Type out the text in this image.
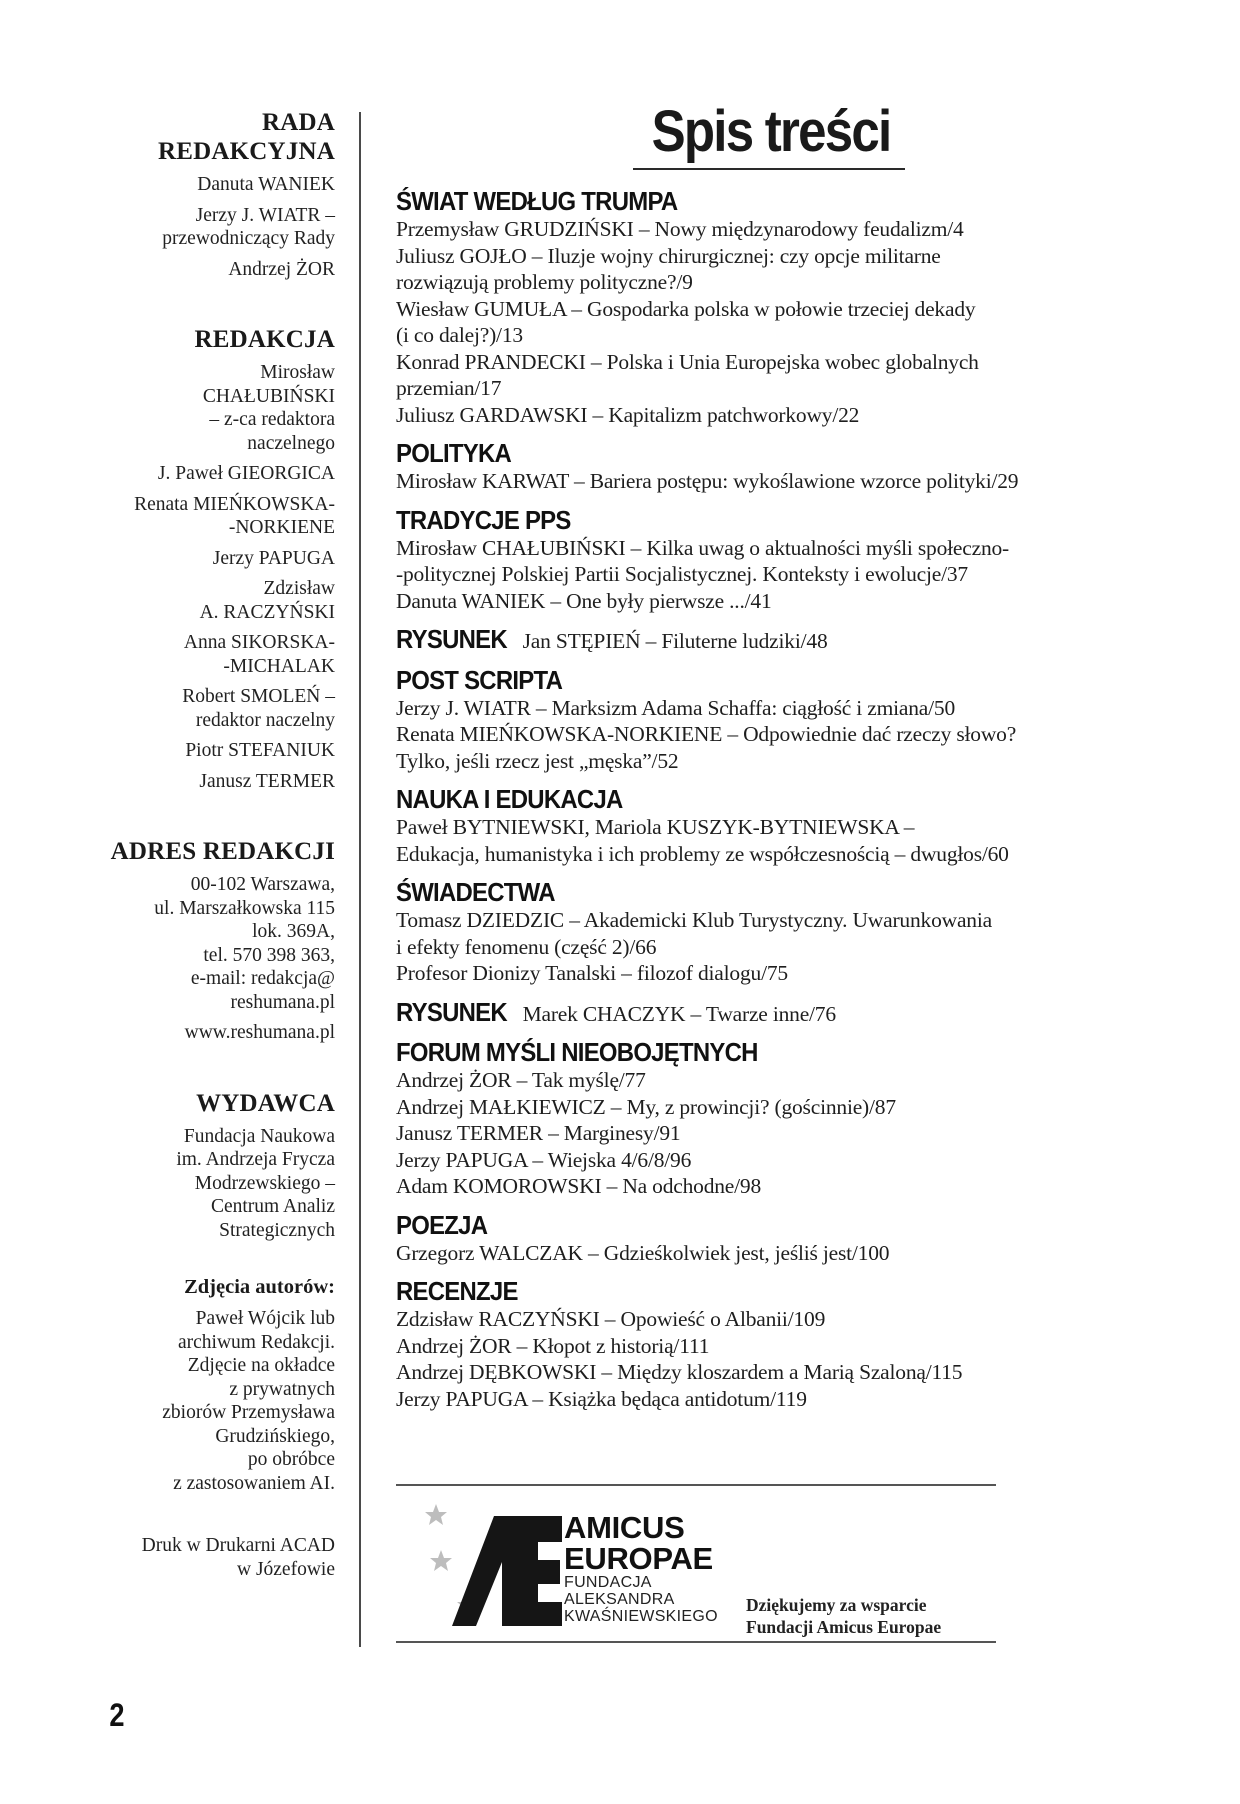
RADA
REDAKCYJNA
Danuta WANIEK
Jerzy J. WIATR –
przewodniczący Rady
Andrzej ŻOR
REDAKCJA
Mirosław
CHAŁUBIŃSKI
– z-ca redaktora
naczelnego
J. Paweł GIEORGICA
Renata MIEŃKOWSKA-
-NORKIENE
Jerzy PAPUGA
Zdzisław
A. RACZYŃSKI
Anna SIKORSKA-
-MICHALAK
Robert SMOLEŃ –
redaktor naczelny
Piotr STEFANIUK
Janusz TERMER
ADRES REDAKCJI
00-102 Warszawa,
ul. Marszałkowska 115
lok. 369A,
tel. 570 398 363,
e-mail: redakcja@
reshumana.pl
www.reshumana.pl
WYDAWCA
Fundacja Naukowa
im. Andrzeja Frycza
Modrzewskiego –
Centrum Analiz
Strategicznych
Zdjęcia autorów:
Paweł Wójcik lub
archiwum Redakcji.
Zdjęcie na okładce
z prywatnych
zbiorów Przemysława
Grudzińskiego,
po obróbce
z zastosowaniem AI.
Druk w Drukarni ACAD
w Józefowie
Spis treści
ŚWIAT WEDŁUG TRUMPA
Przemysław GRUDZIŃSKI – Nowy międzynarodowy feudalizm/4
Juliusz GOJŁO – Iluzje wojny chirurgicznej: czy opcje militarne
rozwiązują problemy polityczne?/9
Wiesław GUMUŁA – Gospodarka polska w połowie trzeciej dekady
(i co dalej?)/13
Konrad PRANDECKI – Polska i Unia Europejska wobec globalnych
przemian/17
Juliusz GARDAWSKI – Kapitalizm patchworkowy/22
POLITYKA
Mirosław KARWAT – Bariera postępu: wykoślawione wzorce polityki/29
TRADYCJE PPS
Mirosław CHAŁUBIŃSKI – Kilka uwag o aktualności myśli społeczno-
-politycznej Polskiej Partii Socjalistycznej. Konteksty i ewolucje/37
Danuta WANIEK – One były pierwsze .../41
RYSUNEK Jan STĘPIEŃ – Filuterne ludziki/48
POST SCRIPTA
Jerzy J. WIATR – Marksizm Adama Schaffa: ciągłość i zmiana/50
Renata MIEŃKOWSKA-NORKIENE – Odpowiednie dać rzeczy słowo?
Tylko, jeśli rzecz jest „męska”/52
NAUKA I EDUKACJA
Paweł BYTNIEWSKI, Mariola KUSZYK-BYTNIEWSKA –
Edukacja, humanistyka i ich problemy ze współczesnością – dwugłos/60
ŚWIADECTWA
Tomasz DZIEDZIC – Akademicki Klub Turystyczny. Uwarunkowania
i efekty fenomenu (część 2)/66
Profesor Dionizy Tanalski – filozof dialogu/75
RYSUNEK Marek CHACZYK – Twarze inne/76
FORUM MYŚLI NIEOBOJĘTNYCH
Andrzej ŻOR – Tak myślę/77
Andrzej MAŁKIEWICZ – My, z prowincji? (gościnnie)/87
Janusz TERMER – Marginesy/91
Jerzy PAPUGA – Wiejska 4/6/8/96
Adam KOMOROWSKI – Na odchodne/98
POEZJA
Grzegorz WALCZAK – Gdzieśkolwiek jest, jeśliś jest/100
RECENZJE
Zdzisław RACZYŃSKI – Opowieść o Albanii/109
Andrzej ŻOR – Kłopot z historią/111
Andrzej DĘBKOWSKI – Między kloszardem a Marią Szaloną/115
Jerzy PAPUGA – Książka będąca antidotum/119
AMICUS
EUROPAE
FUNDACJA
ALEKSANDRA
KWAŚNIEWSKIEGO
Dziękujemy za wsparcie
Fundacji Amicus Europae
2
